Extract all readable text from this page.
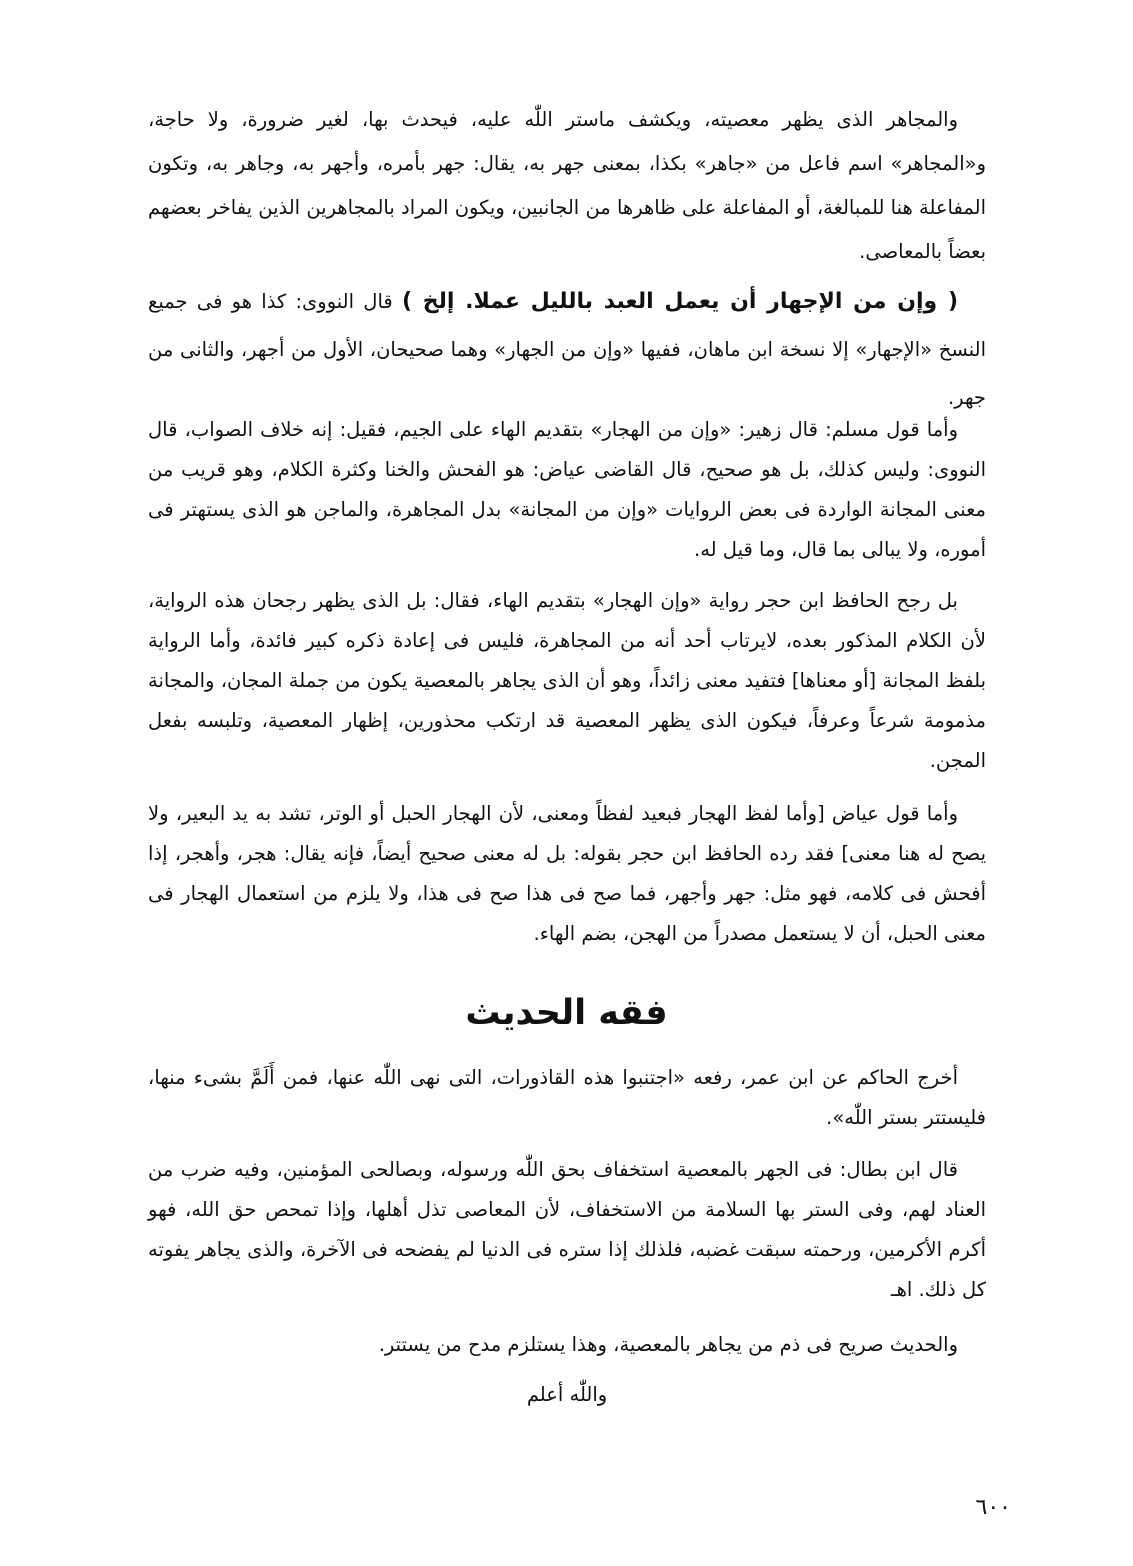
والمجاهر الذى يظهر معصيته، ويكشف ماستر اللّٰه عليه، فيحدث بها، لغير ضرورة، ولا حاجة، و«المجاهر» اسم فاعل من «جاهر» بكذا، بمعنى جهر به، يقال: جهر بأمره، وأجهر به، وجاهر به، وتكون المفاعلة هنا للمبالغة، أو المفاعلة على ظاهرها من الجانبين، ويكون المراد بالمجاهرين الذين يفاخر بعضهم بعضاً بالمعاصى.

( وإن من الإجهار أن يعمل العبد بالليل عملا. إلخ ) قال النووى: كذا هو فى جميع النسخ «الإجهار» إلا نسخة ابن ماهان، ففيها «وإن من الجهار» وهما صحيحان، الأول من أجهر، والثانى من جهر.

وأما قول مسلم: قال زهير: «وإن من الهجار» بتقديم الهاء على الجيم، فقيل: إنه خلاف الصواب، قال النووى: وليس كذلك، بل هو صحيح، قال القاضى عياض: هو الفحش والخنا وكثرة الكلام، وهو قريب من معنى المجانة الواردة فى بعض الروايات «وإن من المجانة» بدل المجاهرة، والماجن هو الذى يستهتر فى أموره، ولا يبالى بما قال، وما قيل له.

بل رجح الحافظ ابن حجر رواية «وإن الهجار» بتقديم الهاء، فقال: بل الذى يظهر رجحان هذه الرواية، لأن الكلام المذكور بعده، لايرتاب أحد أنه من المجاهرة، فليس فى إعادة ذكره كبير فائدة، وأما الرواية بلفظ المجانة [أو معناها] فتفيد معنى زائداً، وهو أن الذى يجاهر بالمعصية يكون من جملة المجان، والمجانة مذمومة شرعاً وعرفاً، فيكون الذى يظهر المعصية قد ارتكب محذورين، إظهار المعصية، وتلبسه بفعل المجن.

وأما قول عياض [وأما لفظ الهجار فبعيد لفظاً ومعنى، لأن الهجار الحبل أو الوتر، تشد به يد البعير، ولا يصح له هنا معنى] فقد رده الحافظ ابن حجر بقوله: بل له معنى صحيح أيضاً، فإنه يقال: هجر، وأهجر، إذا أفحش فى كلامه، فهو مثل: جهر وأجهر، فما صح فى هذا صح فى هذا، ولا يلزم من استعمال الهجار فى معنى الحبل، أن لا يستعمل مصدراً من الهجن، بضم الهاء.

فقه الحديث

أخرج الحاكم عن ابن عمر، رفعه «اجتنبوا هذه القاذورات، التى نهى اللّٰه عنها، فمن أَلَمَّ بشىء منها، فليستتر بستر اللّٰه».

قال ابن بطال: فى الجهر بالمعصية استخفاف بحق اللّٰه ورسوله، وبصالحى المؤمنين، وفيه ضرب من العناد لهم، وفى الستر بها السلامة من الاستخفاف، لأن المعاصى تذل أهلها، وإذا تمحص حق الله، فهو أكرم الأكرمين، ورحمته سبقت غضبه، فلذلك إذا ستره فى الدنيا لم يفضحه فى الآخرة، والذى يجاهر يفوته كل ذلك. اهـ

والحديث صريح فى ذم من يجاهر بالمعصية، وهذا يستلزم مدح من يستتر.

واللّٰه أعلم

٦٠٠
